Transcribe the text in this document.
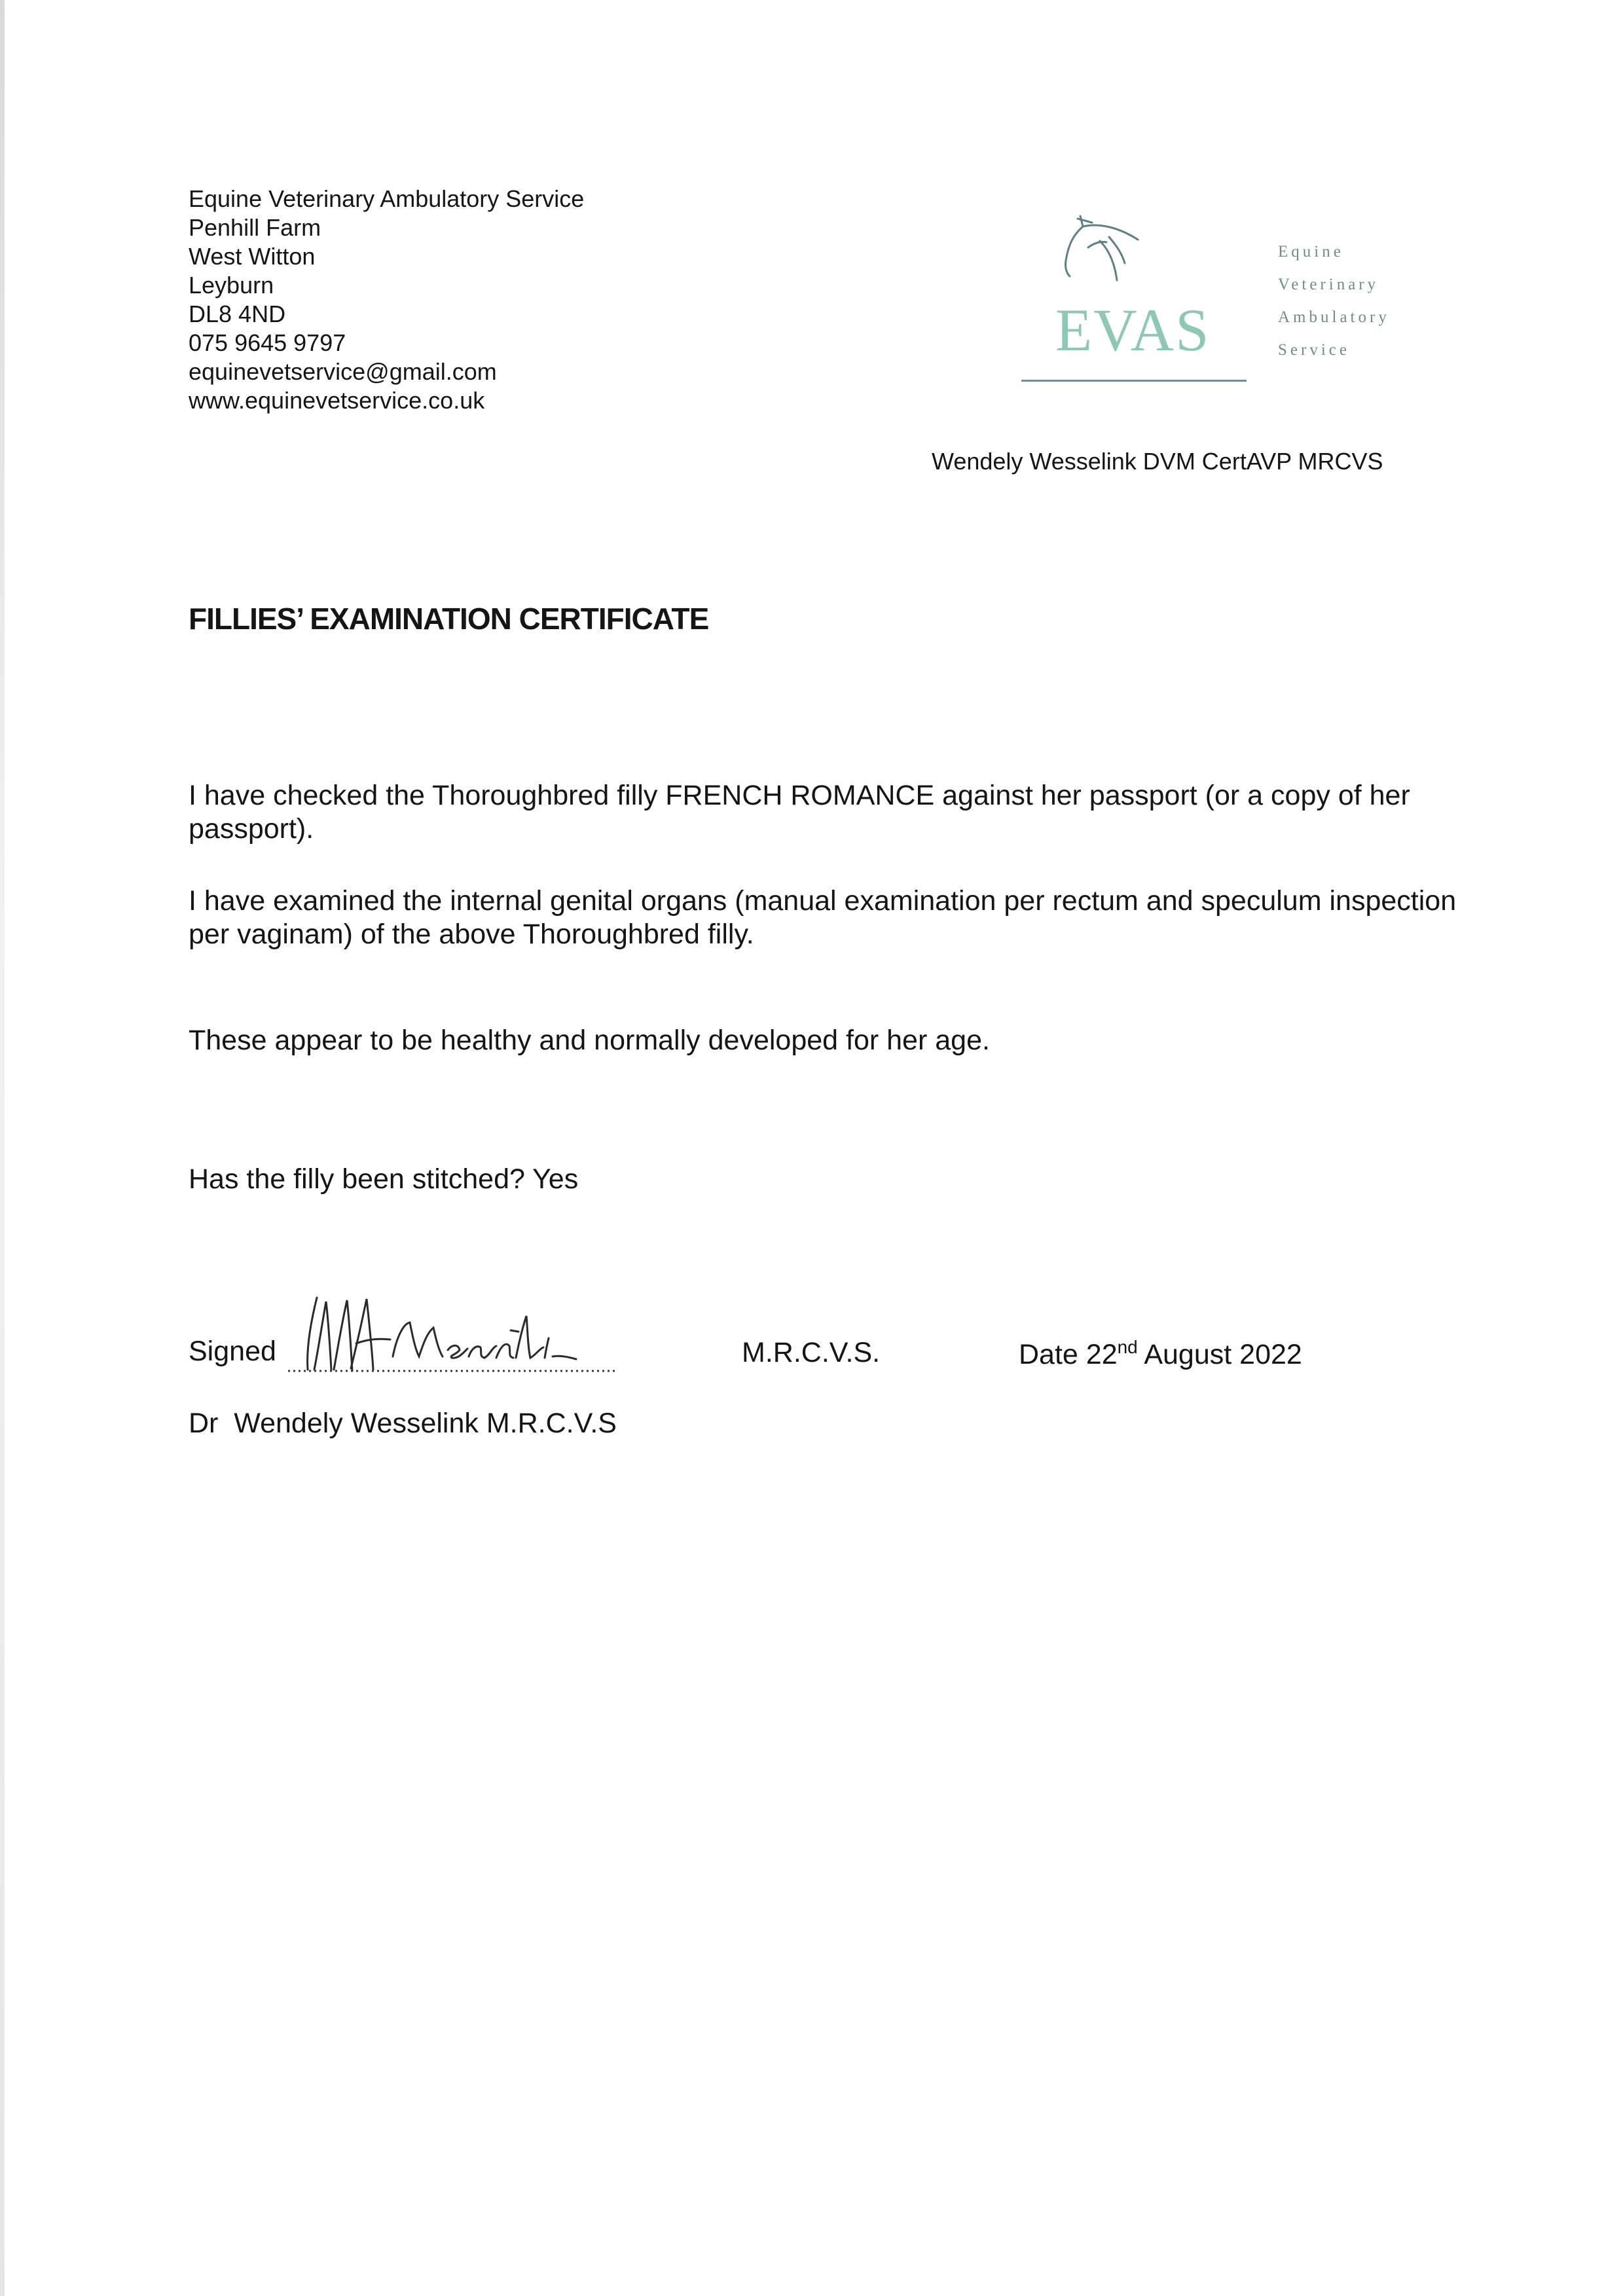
Equine Veterinary Ambulatory Service
Penhill Farm
West Witton
Leyburn
DL8 4ND
075 9645 9797
equinevetservice@gmail.com
www.equinevetservice.co.uk
EVAS
Equine
Veterinary
Ambulatory
Service
Wendely Wesselink DVM CertAVP MRCVS
FILLIES’ EXAMINATION CERTIFICATE
I have checked the Thoroughbred filly FRENCH ROMANCE against her passport (or a copy of her passport).
I have examined the internal genital organs (manual examination per rectum and speculum inspection per vaginam) of the above Thoroughbred filly.
These appear to be healthy and normally developed for her age.
Has the filly been stitched? Yes
Signed	M.R.C.V.S.	Date 22nd August 2022
Dr  Wendely Wesselink M.R.C.V.S
